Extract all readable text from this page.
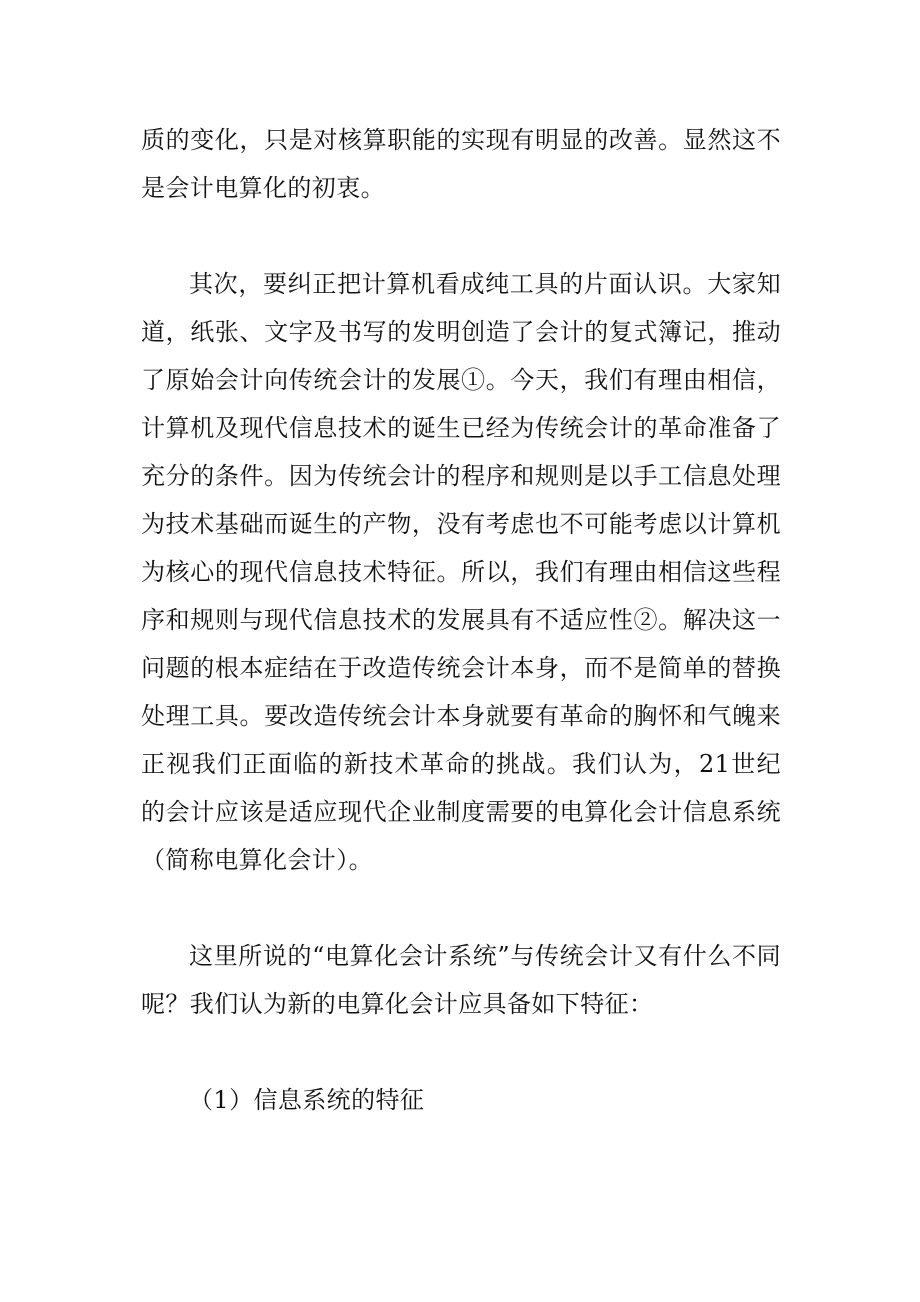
质的变化，只是对核算职能的实现有明显的改善。显然这不是会计电算化的初衷。

其次，要纠正把计算机看成纯工具的片面认识。大家知道，纸张、文字及书写的发明创造了会计的复式簿记，推动了原始会计向传统会计的发展①。今天，我们有理由相信，计算机及现代信息技术的诞生已经为传统会计的革命准备了充分的条件。因为传统会计的程序和规则是以手工信息处理为技术基础而诞生的产物，没有考虑也不可能考虑以计算机为核心的现代信息技术特征。所以，我们有理由相信这些程序和规则与现代信息技术的发展具有不适应性②。解决这一问题的根本症结在于改造传统会计本身，而不是简单的替换处理工具。要改造传统会计本身就要有革命的胸怀和气魄来正视我们正面临的新技术革命的挑战。我们认为，21世纪的会计应该是适应现代企业制度需要的电算化会计信息系统（简称电算化会计）。

这里所说的“电算化会计系统”与传统会计又有什么不同呢？我们认为新的电算化会计应具备如下特征：

（1）信息系统的特征
